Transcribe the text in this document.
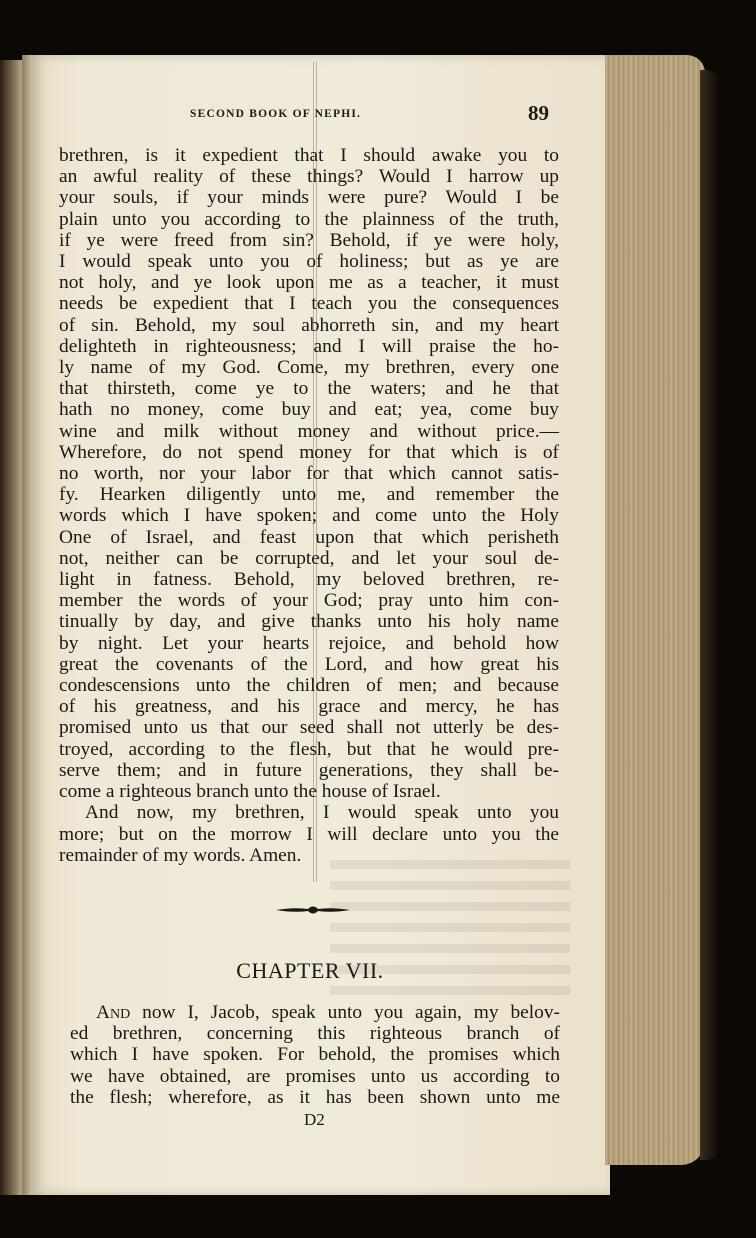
SECOND BOOK OF NEPHI.	89
brethren, is it expedient that I should awake you to
an awful reality of these things? Would I harrow up
your souls, if your minds were pure? Would I be
plain unto you according to the plainness of the truth,
if ye were freed from sin? Behold, if ye were holy,
I would speak unto you of holiness; but as ye are
not holy, and ye look upon me as a teacher, it must
needs be expedient that I teach you the consequences
of sin. Behold, my soul abhorreth sin, and my heart
delighteth in righteousness; and I will praise the ho-
ly name of my God. Come, my brethren, every one
that thirsteth, come ye to the waters; and he that
hath no money, come buy and eat; yea, come buy
wine and milk without money and without price.—
Wherefore, do not spend money for that which is of
no worth, nor your labor for that which cannot satis-
fy. Hearken diligently unto me, and remember the
words which I have spoken; and come unto the Holy
One of Israel, and feast upon that which perisheth
not, neither can be corrupted, and let your soul de-
light in fatness. Behold, my beloved brethren, re-
member the words of your God; pray unto him con-
tinually by day, and give thanks unto his holy name
by night. Let your hearts rejoice, and behold how
great the covenants of the Lord, and how great his
condescensions unto the children of men; and because
of his greatness, and his grace and mercy, he has
promised unto us that our seed shall not utterly be des-
troyed, according to the flesh, but that he would pre-
serve them; and in future generations, they shall be-
come a righteous branch unto the house of Israel.
And now, my brethren, I would speak unto you
more; but on the morrow I will declare unto you the
remainder of my words. Amen.
CHAPTER VII.
And now I, Jacob, speak unto you again, my belov-
ed brethren, concerning this righteous branch of
which I have spoken. For behold, the promises which
we have obtained, are promises unto us according to
the flesh; wherefore, as it has been shown unto me
D2
